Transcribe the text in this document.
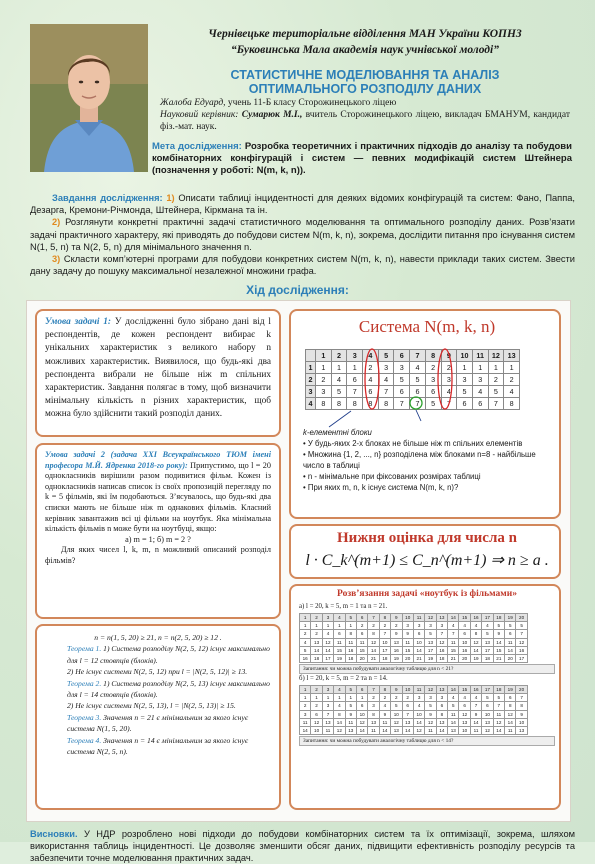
Чернівецьке територіальне відділення МАН України КОПНЗ
“Буковинська Мала академія наук учнівської молоді”
СТАТИСТИЧНЕ МОДЕЛЮВАННЯ ТА АНАЛІЗ
ОПТИМАЛЬНОГО РОЗПОДІЛУ ДАНИХ
Жалоба Едуард, учень 11-Б класу Сторожинецького ліцею
Науковий керівник: Сумарюк М.І., вчитель Сторожинецького ліцею, викладач БМАНУМ, кандидат фіз.-мат. наук.
Мета дослідження: Розробка теоретичних і практичних підходів до аналізу та побудови комбінаторних конфігурацій і систем — певних модифікацій систем Штейнера (позначення у роботі: N(m, k, n)).

Завдання дослідження: 1) Описати таблиці інцидентності для деяких відомих конфігурацій та систем: Фано, Паппа, Дезарга, Кремони-Річмонда, Штейнера, Кіркмана та ін.

2) Розглянути конкретні практичні задачі статистичного моделювання та оптимального розподілу даних. Розв’язати задачі практичного характеру, які приводять до побудови систем N(m, k, n), зокрема, дослідити питання про існування систем N(1, 5, n) та N(2, 5, n) для мінімального значення n.

3) Скласти комп’ютерні програми для побудови конкретних систем N(m, k, n), навести приклади таких систем. Звести дану задачу до пошуку максимальної незалежної множини графа.

Хід дослідження:
Умова задачі 1: У дослідженні було зібрано дані від l респондентів, де кожен респондент вибирає k унікальних характеристик з великого набору n можливих характеристик. Виявилося, що будь-які два респондента вибрали не більше ніж m спільних характеристик. Завдання полягає в тому, щоб визначити мінімальну кількість n різних характеристик, щоб можна було здійснити такий розподіл даних.
Умова задачі 2 (задача XXI Всеукраїнського ТЮМ імені професора М.Й. Ядренка 2018-го року): Припустимо, що l = 20 однокласників вирішили разом подивитися фільм. Кожен із однокласників написав список із своїх пропозицій переглядy по k = 5 фільмів, які їм подобаються. З’ясувалось, що будь-які два списки мають не більше ніж m однакових фільмів. Класний керівник завантажив всі ці фільми на ноутбук. Яка мінімальна кількість фільмів n може бути на ноутбуці, якщо:
а) m = 1; б) m = 2 ?
Для яких чисел l, k, m, n можливий описаний розподіл фільмів?

n = n(1, 5, 20) ≥ 21, n = n(2, 5, 20) ≥ 12 .

Теорема 1. 1) Система розподілу N(2, 5, 12) існує максимально для l = 12 стовпців (блоків).

2) Не існує системи N(2, 5, 12) при l = |N(2, 5, 12)| ≥ 13.

Теорема 2. 1) Система розподілу N(2, 5, 13) існує максимально для l = 14 стовпців (блоків).

2) Не існує системи N(2, 5, 13), l = |N(2, 5, 13)| ≥ 15.

Теорема 3. Значення n = 21 є мінімальним за якого існує система N(1, 5, 20).

Теорема 4. Значення n = 14 є мінімальним за якого існує система N(2, 5, n).

Система N(m, k, n)
	1	2	3	4	5	6	7	8	9	10	11	12	13
1	1	1	1	2	3	3	4	2	2	1	1	1	1
2	2	4	6	4	4	5	5	3	3	3	3	2	2
3	3	5	7	6	7	6	6	6	4	5	4	5	4
4	8	8	8	8	8	7	7	5	7	6	6	7	8
k-елементні блоки
• У будь-яких 2-х блоках не більше ніж m спільних елементів
• Множина {1, 2, ..., n} розподілена між блоками n=8 - найбільше число в таблиці
• n - мінімальне при фіксованих розмірах таблиці
• При яких m, n, k існує система N(m, k, n)?
Нижня оцінка для числа n
l · C_k^(m+1) ≤ C_n^(m+1) ⇒ n ≥ a .
Розв’язання задачі «ноутбук із фільмами»
а) l = 20, k = 5, m = 1 та n = 21.
1	2	3	4	5	6	7	8	9	10	11	12	13	14	15	16	17	18	19	20
1	1	1	1	1	2	2	2	2	3	3	3	3	4	4	4	4	5	5	5
2	2	4	6	8	6	8	7	9	9	6	5	7	7	6	8	5	9	6	7
4	13	12	11	11	11	12	10	13	11	10	13	12	11	10	12	13	14	11	12
5	14	14	15	16	15	14	17	16	15	14	17	16	15	16	14	17	15	14	16
16	18	17	19	18	20	21	18	19	20	21	19	18	21	20	19	18	21	20	17
Запитання: чи можна побудувати аналогічну таблицю для n < 21?
б) l = 20, k = 5, m = 2 та n = 14.
1	2	3	4	5	6	7	8	9	10	11	12	13	14	15	16	17	18	19	20
1	1	1	1	1	1	2	2	2	2	3	3	3	4	4	4	5	5	6	7
2	2	3	4	5	6	3	4	5	6	4	5	6	5	6	7	6	7	8	8
3	6	7	8	9	10	8	9	10	7	10	9	8	11	12	9	10	11	12	9
11	12	13	14	11	12	13	11	12	13	14	12	13	14	13	14	13	12	14	10
14	10	11	12	13	14	11	14	13	14	12	11	14	13	10	11	12	14	11	13
Запитання: чи можна побудувати аналогічну таблицю для n < 14?
Висновки. У НДР розроблено нові підходи до побудови комбінаторних систем та їх оптимізації, зокрема, шляхом використання таблиць інцидентності. Це дозволяє зменшити обсяг даних, підвищити ефективність розподілу ресурсів та забезпечити точне моделювання практичних задач.
